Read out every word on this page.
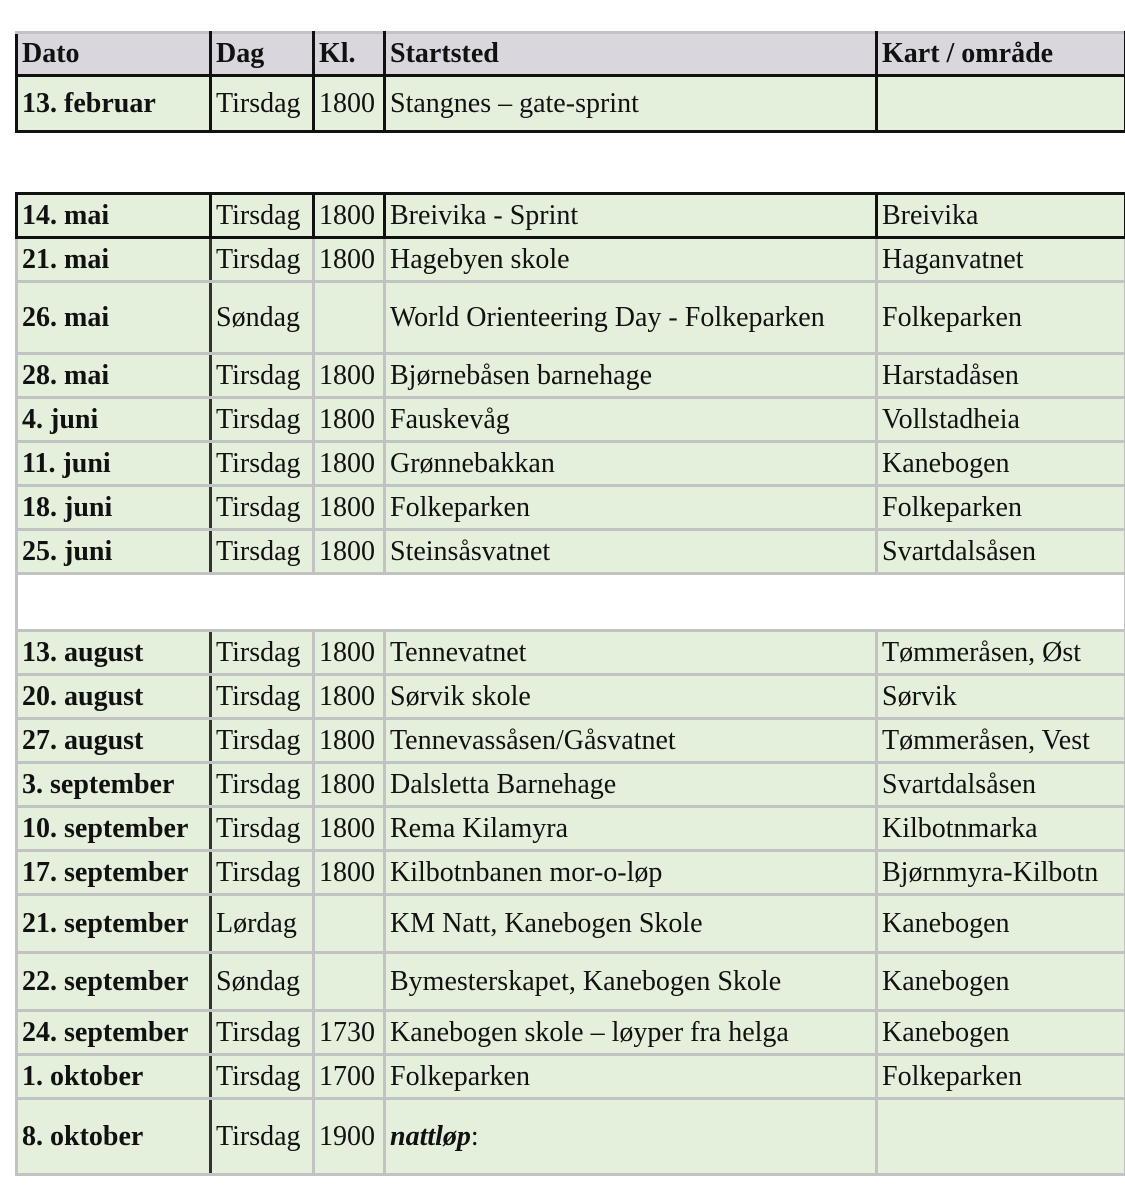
Dato	Dag	Kl.	Startsted	Kart / område
13. februar	Tirsdag	1800	Stangnes – gate-sprint	
14. mai	Tirsdag	1800	Breivika - Sprint	Breivika
21. mai	Tirsdag	1800	Hagebyen skole	Haganvatnet
26. mai	Søndag		World Orienteering Day - Folkeparken	Folkeparken
28. mai	Tirsdag	1800	Bjørnebåsen barnehage	Harstadåsen
4. juni	Tirsdag	1800	Fauskevåg	Vollstadheia
11. juni	Tirsdag	1800	Grønnebakkan	Kanebogen
18. juni	Tirsdag	1800	Folkeparken	Folkeparken
25. juni	Tirsdag	1800	Steinsåsvatnet	Svartdalsåsen

13. august	Tirsdag	1800	Tennevatnet	Tømmeråsen, Øst
20. august	Tirsdag	1800	Sørvik skole	Sørvik
27. august	Tirsdag	1800	Tennevassåsen/Gåsvatnet	Tømmeråsen, Vest
3. september	Tirsdag	1800	Dalsletta Barnehage	Svartdalsåsen
10. september	Tirsdag	1800	Rema Kilamyra	Kilbotnmarka
17. september	Tirsdag	1800	Kilbotnbanen mor-o-løp	Bjørnmyra-Kilbotn
21. september	Lørdag		KM Natt, Kanebogen Skole	Kanebogen
22. september	Søndag		Bymesterskapet, Kanebogen Skole	Kanebogen
24. september	Tirsdag	1730	Kanebogen skole – løyper fra helga	Kanebogen
1. oktober	Tirsdag	1700	Folkeparken	Folkeparken
8. oktober	Tirsdag	1900	nattløp:	
